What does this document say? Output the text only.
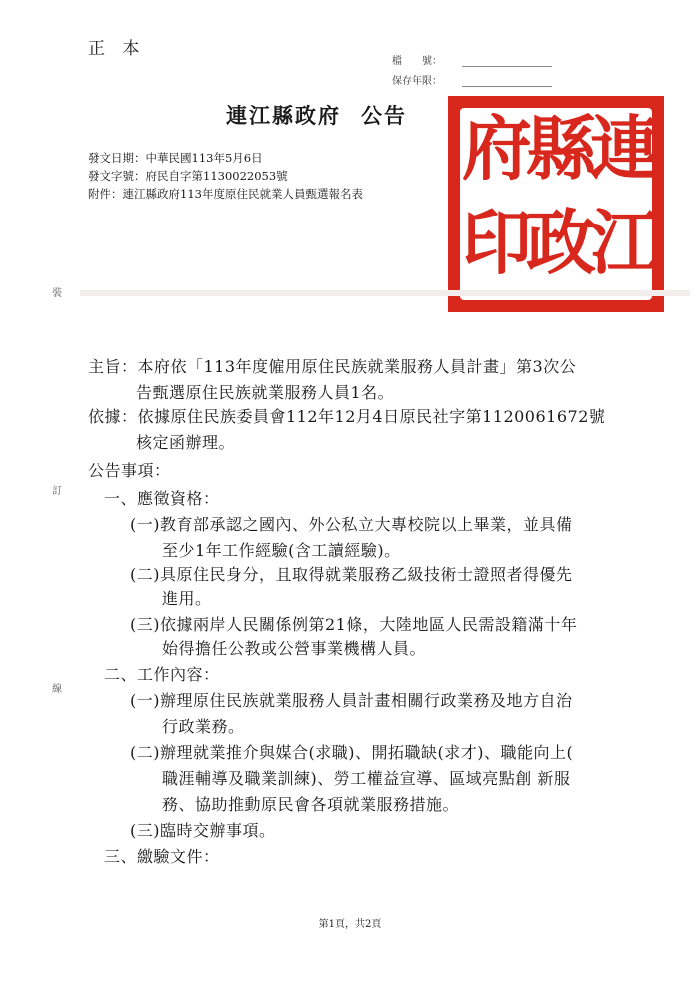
正 本
檔　　號：
保存年限：
連江縣政府 公告
發文日期：中華民國113年5月6日
發文字號：府民自字第1130022053號
附件：連江縣政府113年度原住民就業人員甄選報名表
連
江
縣
政
府
印
裝
訂
線
主旨：本府依「113年度僱用原住民族就業服務人員計畫」第3次公
告甄選原住民族就業服務人員1名。
依據：依據原住民族委員會112年12月4日原民社字第1120061672號
核定函辦理。
公告事項：
一、應徵資格：
(一)教育部承認之國內、外公私立大專校院以上畢業，並具備
至少1年工作經驗(含工讀經驗)。
(二)具原住民身分，且取得就業服務乙級技術士證照者得優先
進用。
(三)依據兩岸人民關係例第21條，大陸地區人民需設籍滿十年
始得擔任公教或公營事業機構人員。
二、工作內容：
(一)辦理原住民族就業服務人員計畫相關行政業務及地方自治
行政業務。
(二)辦理就業推介與媒合(求職)、開拓職缺(求才)、職能向上(
職涯輔導及職業訓練)、勞工權益宣導、區域亮點創 新服
務、協助推動原民會各項就業服務措施。
(三)臨時交辦事項。
三、繳驗文件：
第1頁，共2頁
